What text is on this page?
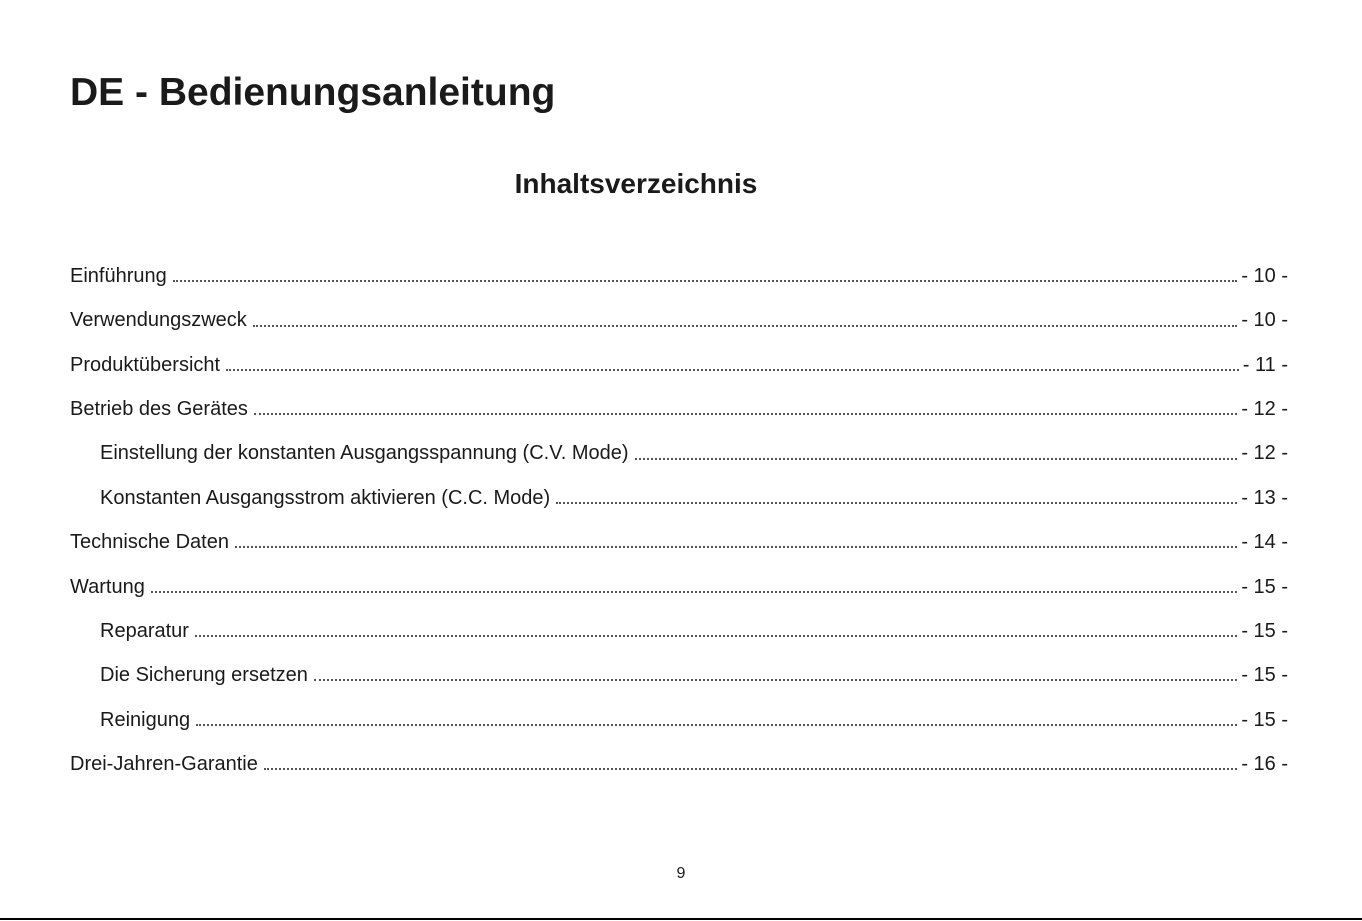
DE - Bedienungsanleitung
Inhaltsverzeichnis
Einführung	- 10 -
Verwendungszweck	- 10 -
Produktübersicht	- 11 -
Betrieb des Gerätes	- 12 -
Einstellung der konstanten Ausgangsspannung (C.V. Mode)	- 12 -
Konstanten Ausgangsstrom aktivieren (C.C. Mode)	- 13 -
Technische Daten	- 14 -
Wartung	- 15 -
Reparatur	- 15 -
Die Sicherung ersetzen	- 15 -
Reinigung	- 15 -
Drei-Jahren-Garantie	- 16 -
9
